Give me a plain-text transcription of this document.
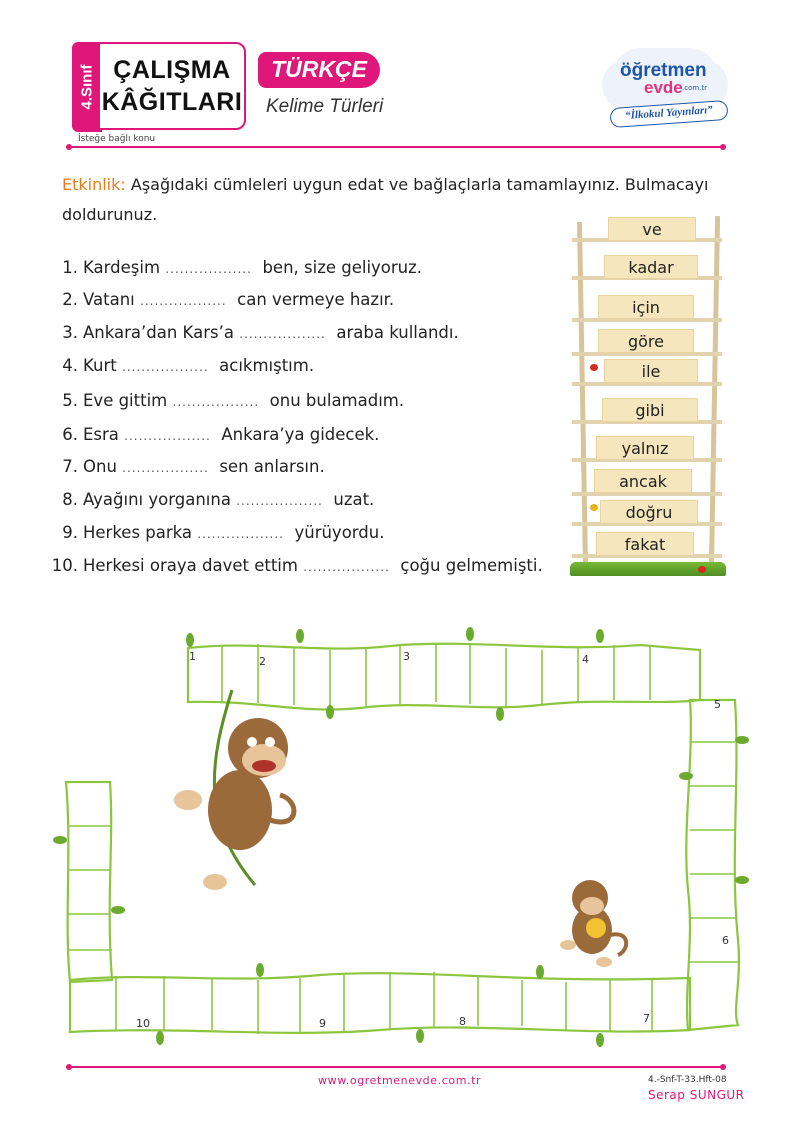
4.Sınıf ÇALIŞMA
KÂĞITLARI
TÜRKÇE
Kelime Türleri
İsteğe bağlı konu
öğretmen
evde .com.tr
“İlkokul Yayınları”
Etkinlik: Aşağıdaki cümleleri uygun edat ve bağlaçlarla tamamlayınız. Bulmacayı doldurunuz.
1. Kardeşim .................. ben, size geliyoruz.
2. Vatanı .................. can vermeye hazır.
3. Ankara’dan Kars’a .................. araba kullandı.
4. Kurt .................. acıkmıştım.
5. Eve gittim .................. onu bulamadım.
6. Esra .................. Ankara’ya gidecek.
7. Onu .................. sen anlarsın.
8. Ayağını yorganına .................. uzat.
9. Herkes parka .................. yürüyordu.
10. Herkesi oraya davet ettim .................. çoğu gelmemişti.
ve
kadar
için
göre
ile
gibi
yalnız
ancak
doğru
fakat
1	2	3	4
5
6
7
8
9
10
www.ogretmenevde.com.tr	4.-Snf-T-33.Hft-08
Serap SUNGUR
